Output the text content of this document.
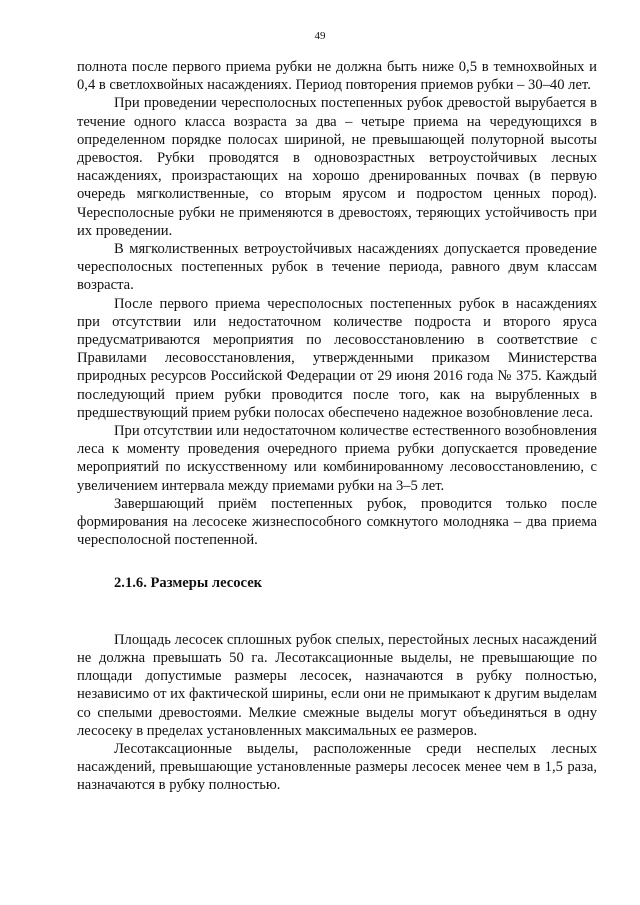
49

полнота после первого приема рубки не должна быть ниже 0,5 в темнохвойных и 0,4 в светлохвойных насаждениях. Период повторения приемов рубки – 30–40 лет.

При проведении чересполосных постепенных рубок древостой вырубается в течение одного класса возраста за два – четыре приема на чередующихся в определенном порядке полосах шириной, не превышающей полуторной высоты древостоя. Рубки проводятся в одновозрастных ветроустойчивых лесных насаждениях, произрастающих на хорошо дренированных почвах (в первую очередь мягколиственные, со вторым ярусом и подростом ценных пород). Чересполосные рубки не применяются в древостоях, теряющих устойчивость при их проведении.

В мягколиственных ветроустойчивых насаждениях допускается проведение чересполосных постепенных рубок в течение периода, равного двум классам возраста.

После первого приема чересполосных постепенных рубок в насаждениях при отсутствии или недостаточном количестве подроста и второго яруса предусматриваются мероприятия по лесовосстановлению в соответствие с Правилами лесовосстановления, утвержденными приказом Министерства природных ресурсов Российской Федерации от 29 июня 2016 года № 375. Каждый последующий прием рубки проводится после того, как на вырубленных в предшествующий прием рубки полосах обеспечено надежное возобновление леса.

При отсутствии или недостаточном количестве естественного возобновления леса к моменту проведения очередного приема рубки допускается проведение мероприятий по искусственному или комбинированному лесовосстановлению, с увеличением интервала между приемами рубки на 3–5 лет.

Завершающий приём постепенных рубок, проводится только после формирования на лесосеке жизнеспособного сомкнутого молодняка – два приема чересполосной постепенной.

2.1.6. Размеры лесосек

Площадь лесосек сплошных рубок спелых, перестойных лесных насаждений не должна превышать 50 га. Лесотаксационные выделы, не превышающие по площади допустимые размеры лесосек, назначаются в рубку полностью, независимо от их фактической ширины, если они не примыкают к другим выделам со спелыми древостоями. Мелкие смежные выделы могут объединяться в одну лесосеку в пределах установленных максимальных ее размеров.

Лесотаксационные выделы, расположенные среди неспелых лесных насаждений, превышающие установленные размеры лесосек менее чем в 1,5 раза, назначаются в рубку полностью.
